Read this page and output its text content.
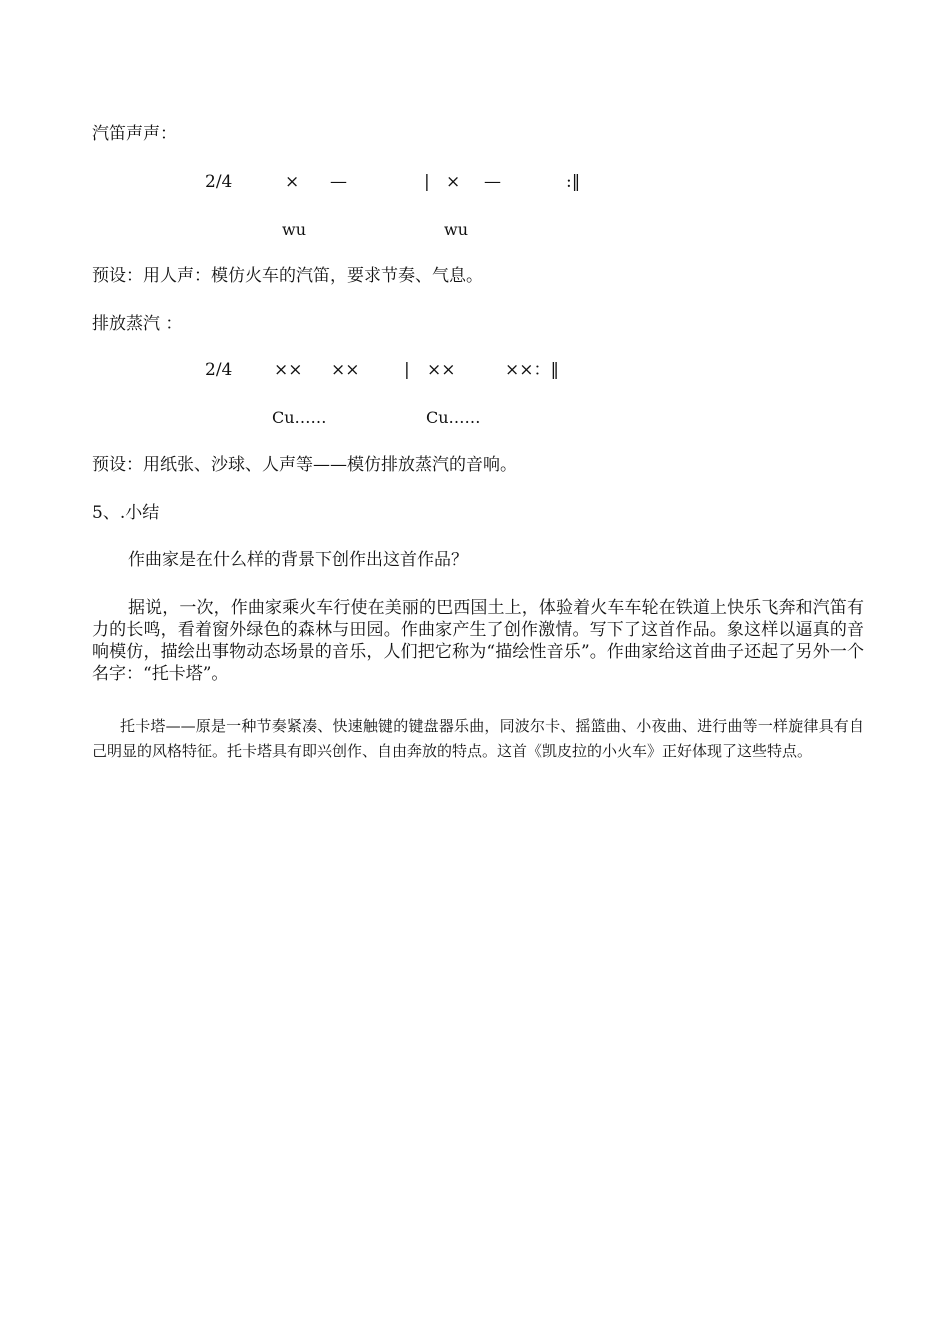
汽笛声声：
2/4	× —	| × —	:‖
wu	wu
预设：用人声：模仿火车的汽笛，要求节奏、气息。
排放蒸汽 ：
2/4 ×× ××	| ××	××：‖
Cu……	Cu……
预设：用纸张、沙球、人声等——模仿排放蒸汽的音响。
5、.小结
作曲家是在什么样的背景下创作出这首作品？
据说，一次，作曲家乘火车行使在美丽的巴西国土上，体验着火车车轮在铁道上快乐飞奔和汽笛有力的长鸣，看着窗外绿色的森林与田园。作曲家产生了创作激情。写下了这首作品。象这样以逼真的音响模仿，描绘出事物动态场景的音乐，人们把它称为“描绘性音乐”。作曲家给这首曲子还起了另外一个名字：“托卡塔”。
托卡塔——原是一种节奏紧凑、快速触键的键盘器乐曲，同波尔卡、摇篮曲、小夜曲、进行曲等一样旋律具有自己明显的风格特征。托卡塔具有即兴创作、自由奔放的特点。这首《凯皮拉的小火车》正好体现了这些特点。
